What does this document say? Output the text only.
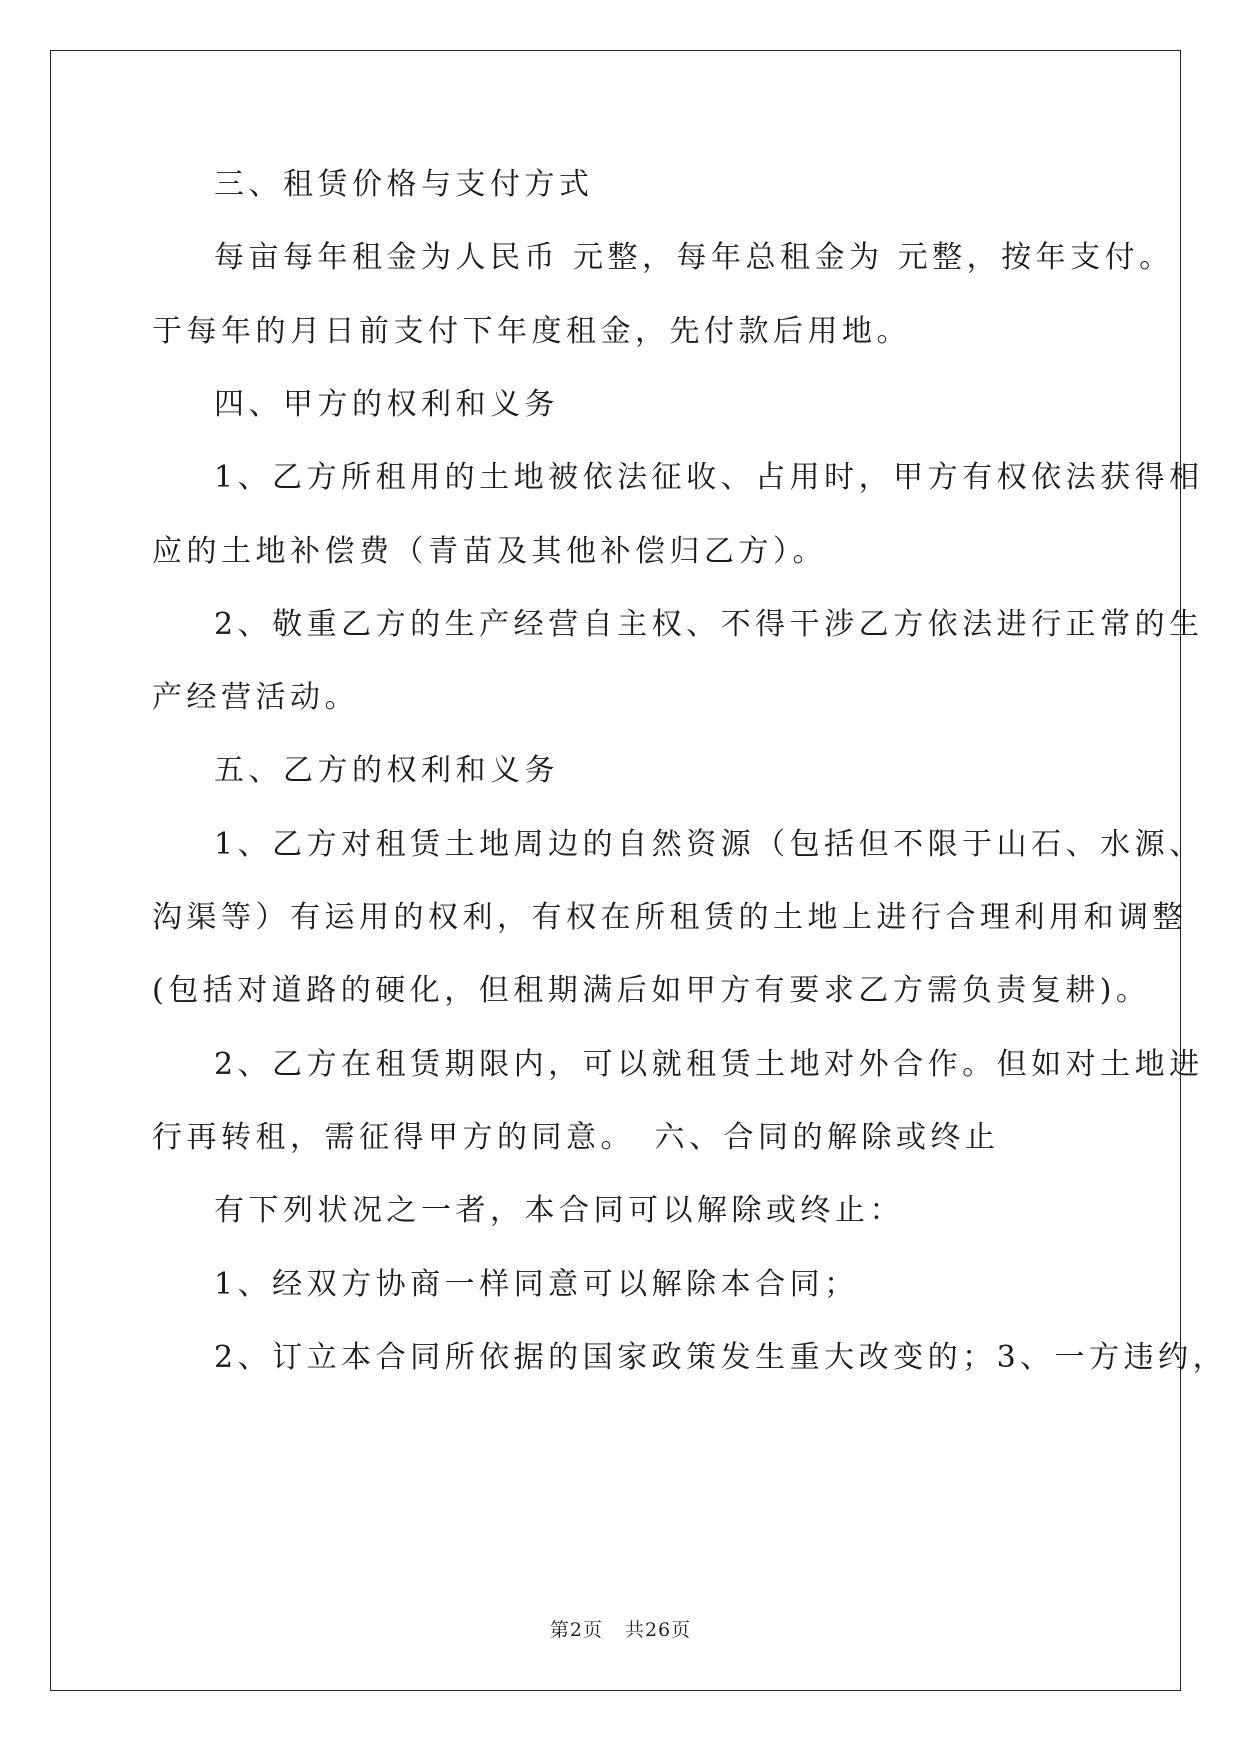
三、租赁价格与支付方式
每亩每年租金为人民币 元整，每年总租金为 元整，按年支付。
于每年的月日前支付下年度租金，先付款后用地。
四、甲方的权利和义务
1、乙方所租用的土地被依法征收、占用时，甲方有权依法获得相
应的土地补偿费（青苗及其他补偿归乙方）。
2、敬重乙方的生产经营自主权、不得干涉乙方依法进行正常的生
产经营活动。
五、乙方的权利和义务
1、乙方对租赁土地周边的自然资源（包括但不限于山石、水源、
沟渠等）有运用的权利，有权在所租赁的土地上进行合理利用和调整
(包括对道路的硬化，但租期满后如甲方有要求乙方需负责复耕)。
2、乙方在租赁期限内，可以就租赁土地对外合作。但如对土地进
行再转租，需征得甲方的同意。　六、合同的解除或终止
有下列状况之一者，本合同可以解除或终止：
1、经双方协商一样同意可以解除本合同；
2、订立本合同所依据的国家政策发生重大改变的；3、一方违约，
第2页 共26页
